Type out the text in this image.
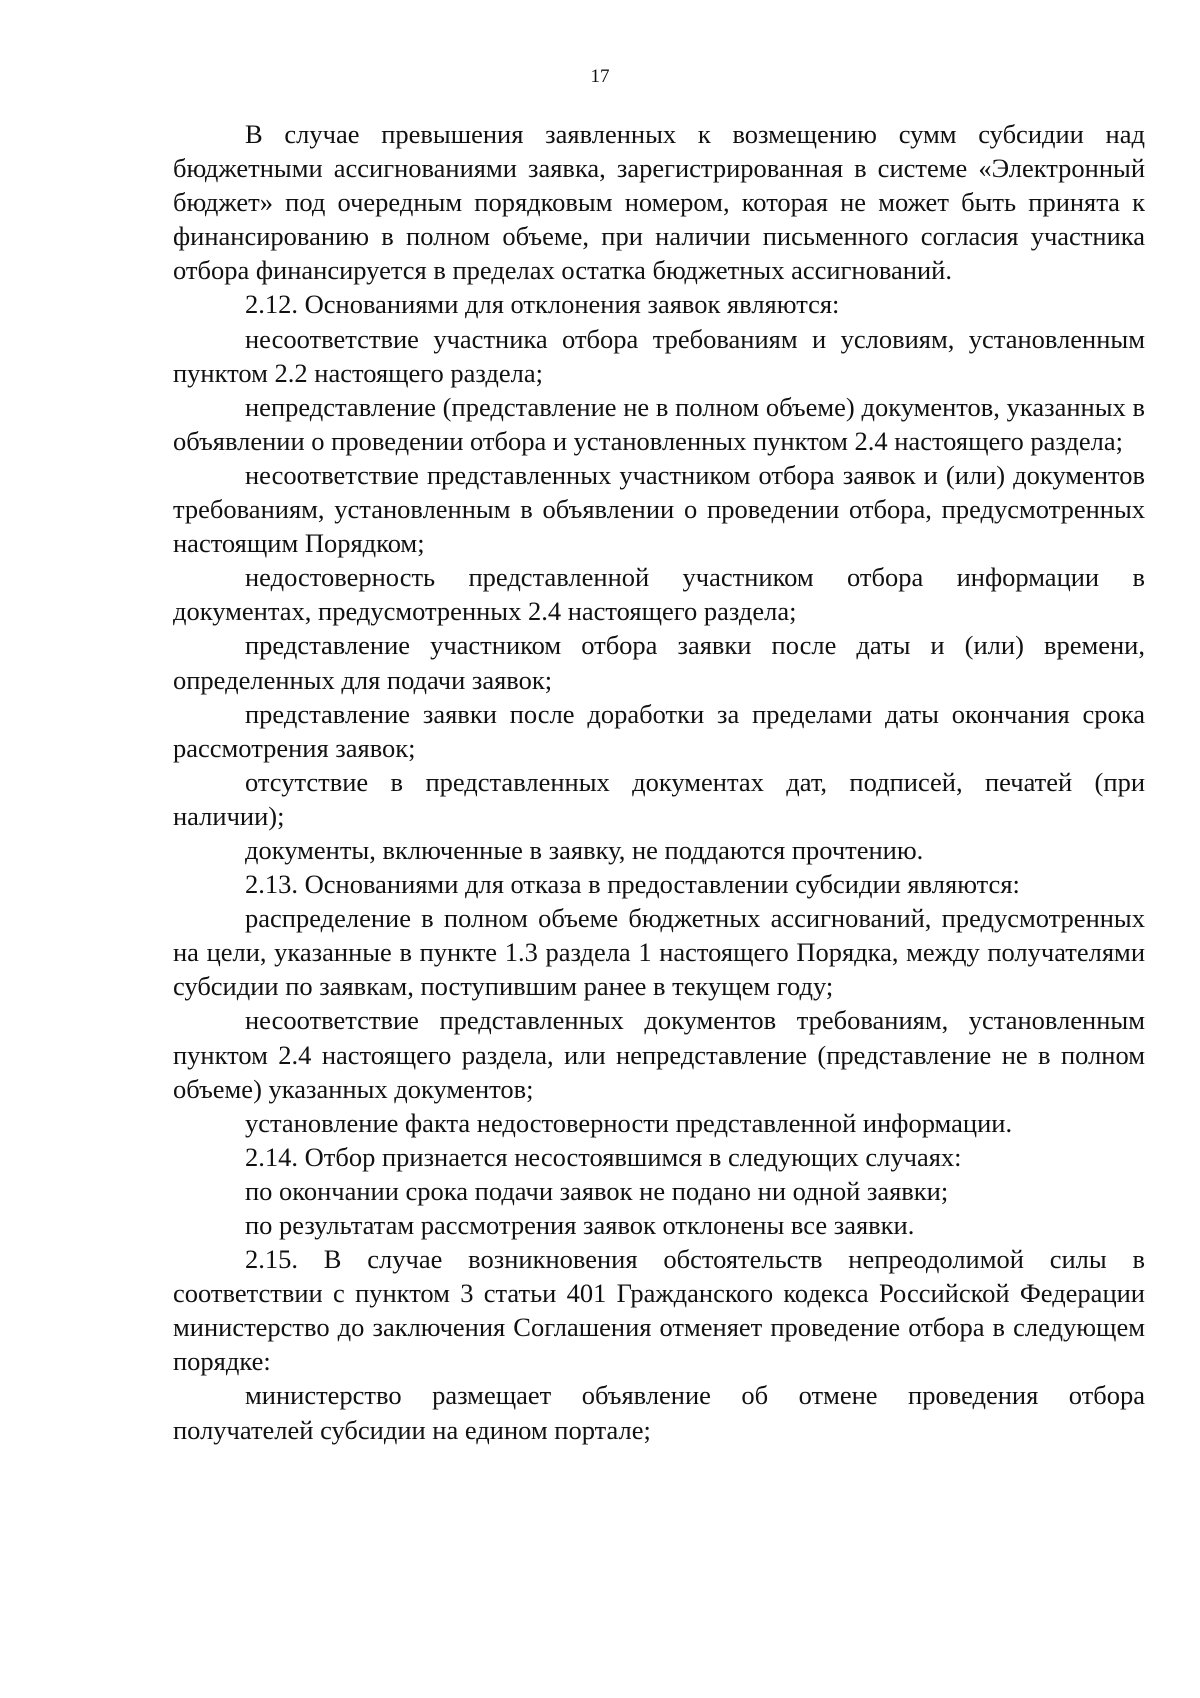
17

В случае превышения заявленных к возмещению сумм субсидии над бюджетными ассигнованиями заявка, зарегистрированная в системе «Электронный бюджет» под очередным порядковым номером, которая не может быть принята к финансированию в полном объеме, при наличии письменного согласия участника отбора финансируется в пределах остатка бюджетных ассигнований.

2.12. Основаниями для отклонения заявок являются:

несоответствие участника отбора требованиям и условиям, установленным пунктом 2.2 настоящего раздела;

непредставление (представление не в полном объеме) документов, указанных в объявлении о проведении отбора и установленных пунктом 2.4 настоящего раздела;

несоответствие представленных участником отбора заявок и (или) документов требованиям, установленным в объявлении о проведении отбора, предусмотренных настоящим Порядком;

недостоверность представленной участником отбора информации в документах, предусмотренных 2.4 настоящего раздела;

представление участником отбора заявки после даты и (или) времени, определенных для подачи заявок;

представление заявки после доработки за пределами даты окончания срока рассмотрения заявок;

отсутствие в представленных документах дат, подписей, печатей (при наличии);

документы, включенные в заявку, не поддаются прочтению.

2.13. Основаниями для отказа в предоставлении субсидии являются:

распределение в полном объеме бюджетных ассигнований, предусмотренных на цели, указанные в пункте 1.3 раздела 1 настоящего Порядка, между получателями субсидии по заявкам, поступившим ранее в текущем году;

несоответствие представленных документов требованиям, установленным пунктом 2.4 настоящего раздела, или непредставление (представление не в полном объеме) указанных документов;

установление факта недостоверности представленной информации.

2.14. Отбор признается несостоявшимся в следующих случаях:

по окончании срока подачи заявок не подано ни одной заявки;

по результатам рассмотрения заявок отклонены все заявки.

2.15. В случае возникновения обстоятельств непреодолимой силы в соответствии с пунктом 3 статьи 401 Гражданского кодекса Российской Федерации министерство до заключения Соглашения отменяет проведение отбора в следующем порядке:

министерство размещает объявление об отмене проведения отбора получателей субсидии на едином портале;
